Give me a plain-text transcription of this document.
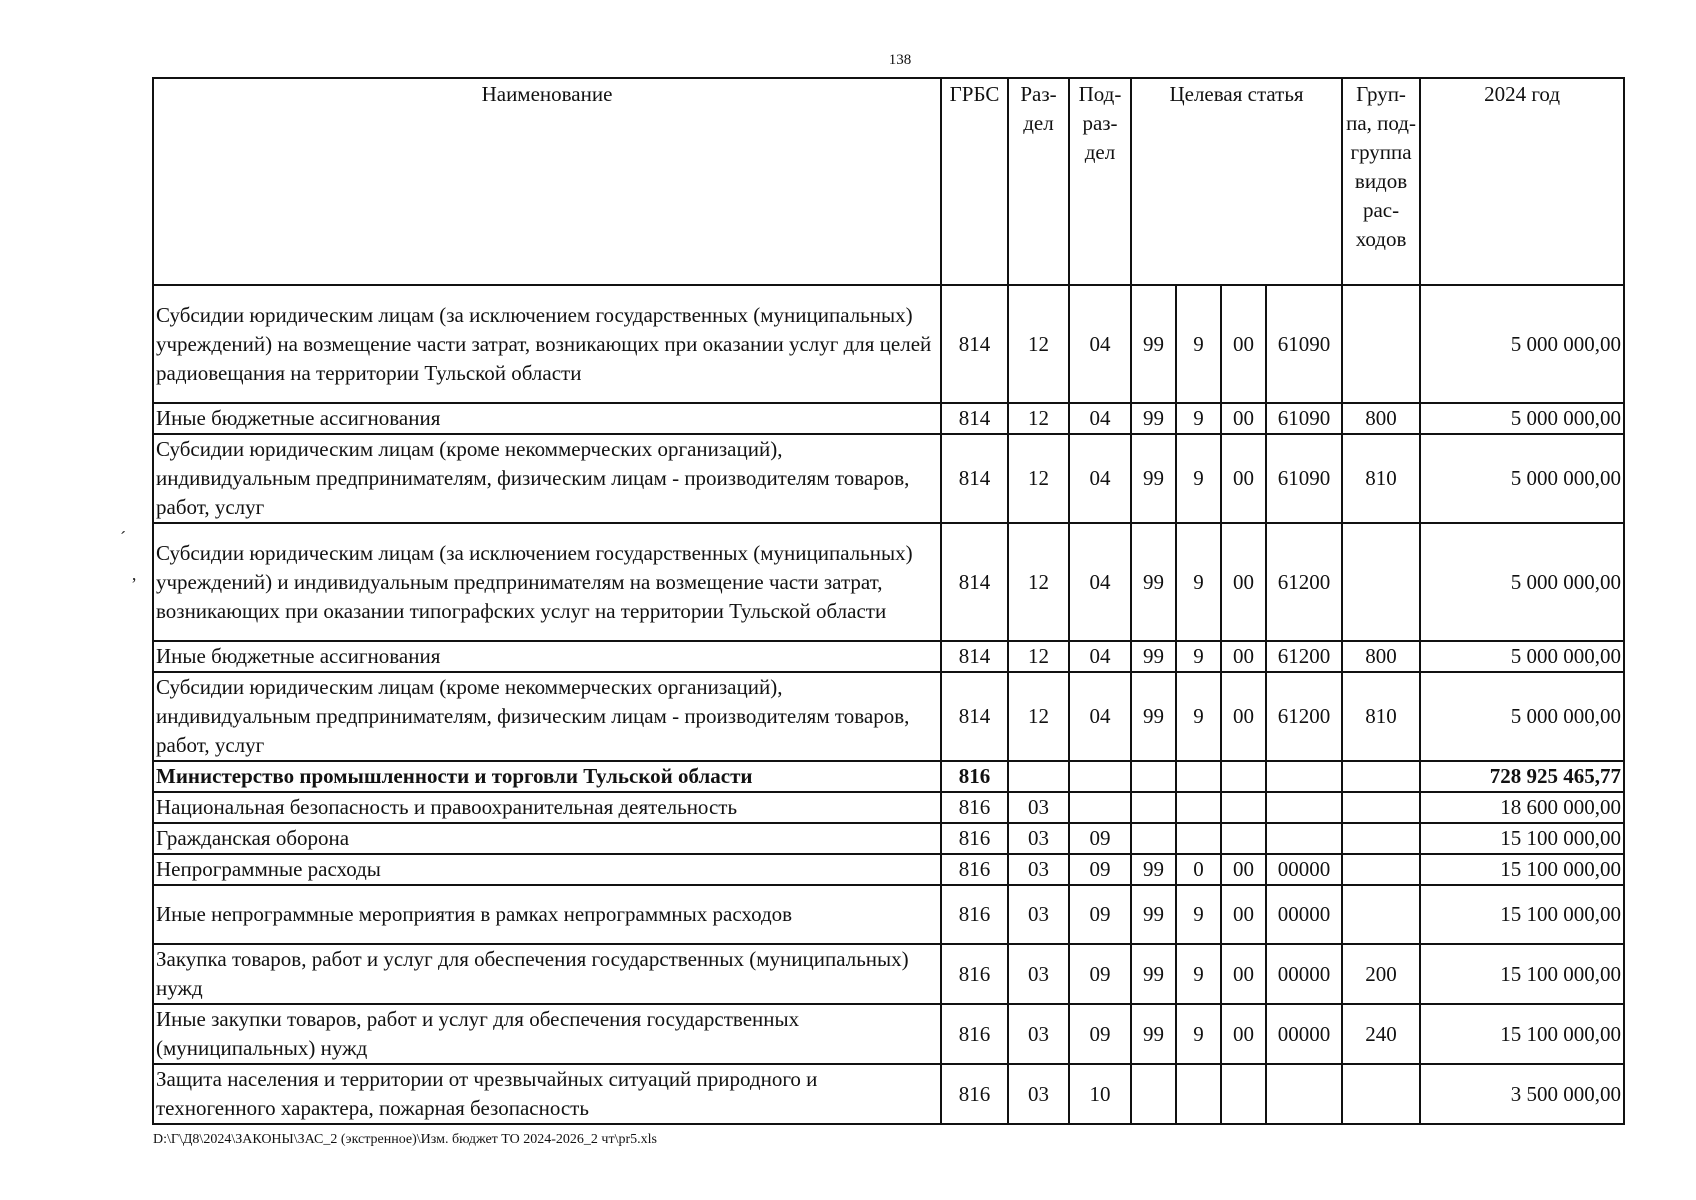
138
´
ʼ
Наименование	ГРБС	Раз- дел	Под- раз- дел	Целевая статья				Груп- па, под- группа видов рас- ходов	2024 год
Субсидии юридическим лицам (за исключением государственных (муниципальных) учреждений) на возмещение части затрат, возникающих при оказании услуг для целей радиовещания на территории Тульской области	814	12	04	99	9	00	61090		5 000 000,00
Иные бюджетные ассигнования	814	12	04	99	9	00	61090	800	5 000 000,00
Субсидии юридическим лицам (кроме некоммерческих организаций), индивидуальным предпринимателям, физическим лицам - производителям товаров, работ, услуг	814	12	04	99	9	00	61090	810	5 000 000,00
Субсидии юридическим лицам (за исключением государственных (муниципальных) учреждений) и индивидуальным предпринимателям на возмещение части затрат, возникающих при оказании типографских услуг на территории Тульской области	814	12	04	99	9	00	61200		5 000 000,00
Иные бюджетные ассигнования	814	12	04	99	9	00	61200	800	5 000 000,00
Субсидии юридическим лицам (кроме некоммерческих организаций), индивидуальным предпринимателям, физическим лицам - производителям товаров, работ, услуг	814	12	04	99	9	00	61200	810	5 000 000,00
Министерство промышленности и торговли Тульской области	816								728 925 465,77
Национальная безопасность и правоохранительная деятельность	816	03							18 600 000,00
Гражданская оборона	816	03	09						15 100 000,00
Непрограммные расходы	816	03	09	99	0	00	00000		15 100 000,00
Иные непрограммные мероприятия в рамках непрограммных расходов	816	03	09	99	9	00	00000		15 100 000,00
Закупка товаров, работ и услуг для обеспечения государственных (муниципальных) нужд	816	03	09	99	9	00	00000	200	15 100 000,00
Иные закупки товаров, работ и услуг для обеспечения государственных (муниципальных) нужд	816	03	09	99	9	00	00000	240	15 100 000,00
Защита населения и территории от чрезвычайных ситуаций природного и техногенного характера, пожарная безопасность	816	03	10						3 500 000,00
D:\Г\Д8\2024\ЗАКОНЫ\ЗАС_2 (экстренное)\Изм. бюджет ТО 2024-2026_2 чт\pr5.xls
